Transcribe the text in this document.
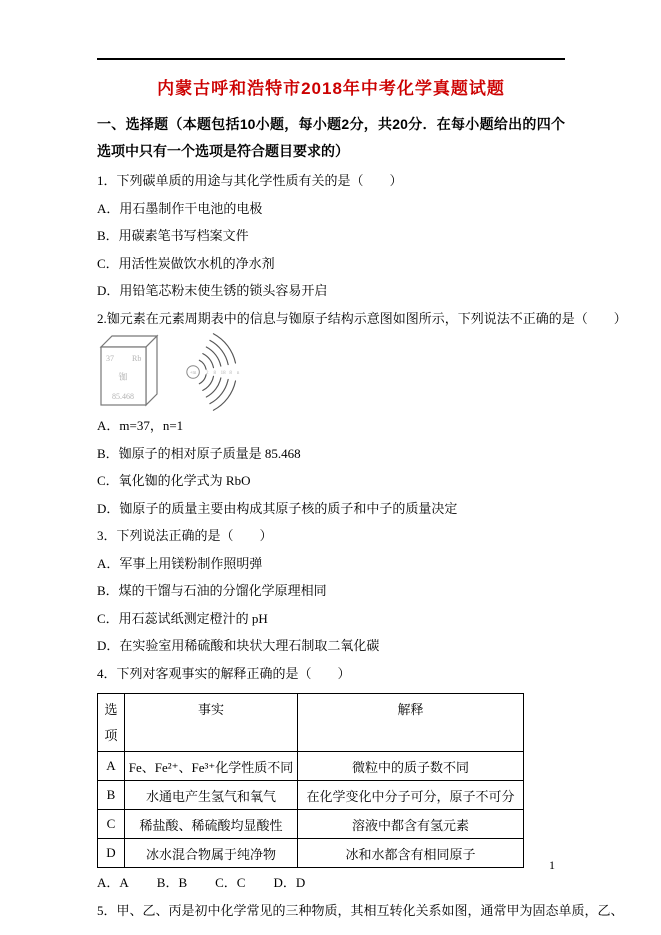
内蒙古呼和浩特市2018年中考化学真题试题

一、选择题（本题包括10小题，每小题2分，共20分．在每小题给出的四个选项中只有一个选项是符合题目要求的）

1．下列碳单质的用途与其化学性质有关的是（　　）

A．用石墨制作干电池的电极

B．用碳素笔书写档案文件

C．用活性炭做饮水机的净水剂

D．用铅笔芯粉末使生锈的锁头容易开启

2.铷元素在元素周期表中的信息与铷原子结构示意图如图所示，下列说法不正确的是（　　）

37 Rb
铷
85.468
+m 2 8 18 8 n

A．m=37，n=1

B．铷原子的相对原子质量是 85.468

C．氧化铷的化学式为 RbO

D．铷原子的质量主要由构成其原子核的质子和中子的质量决定

3．下列说法正确的是（　　）

A．军事上用镁粉制作照明弹

B．煤的干馏与石油的分馏化学原理相同

C．用石蕊试纸测定橙汁的 pH

D．在实验室用稀硫酸和块状大理石制取二氧化碳

4．下列对客观事实的解释正确的是（　　）

选项	事实	解释
A	Fe、Fe²⁺、Fe³⁺化学性质不同	微粒中的质子数不同
B	水通电产生氢气和氧气	在化学变化中分子可分，原子不可分
C	稀盐酸、稀硫酸均显酸性	溶液中都含有氢元素
D	冰水混合物属于纯净物	冰和水都含有相同原子

A．A B．B C．C D．D

5．甲、乙、丙是初中化学常见的三种物质，其相互转化关系如图，通常甲为固态单质，乙、

1
